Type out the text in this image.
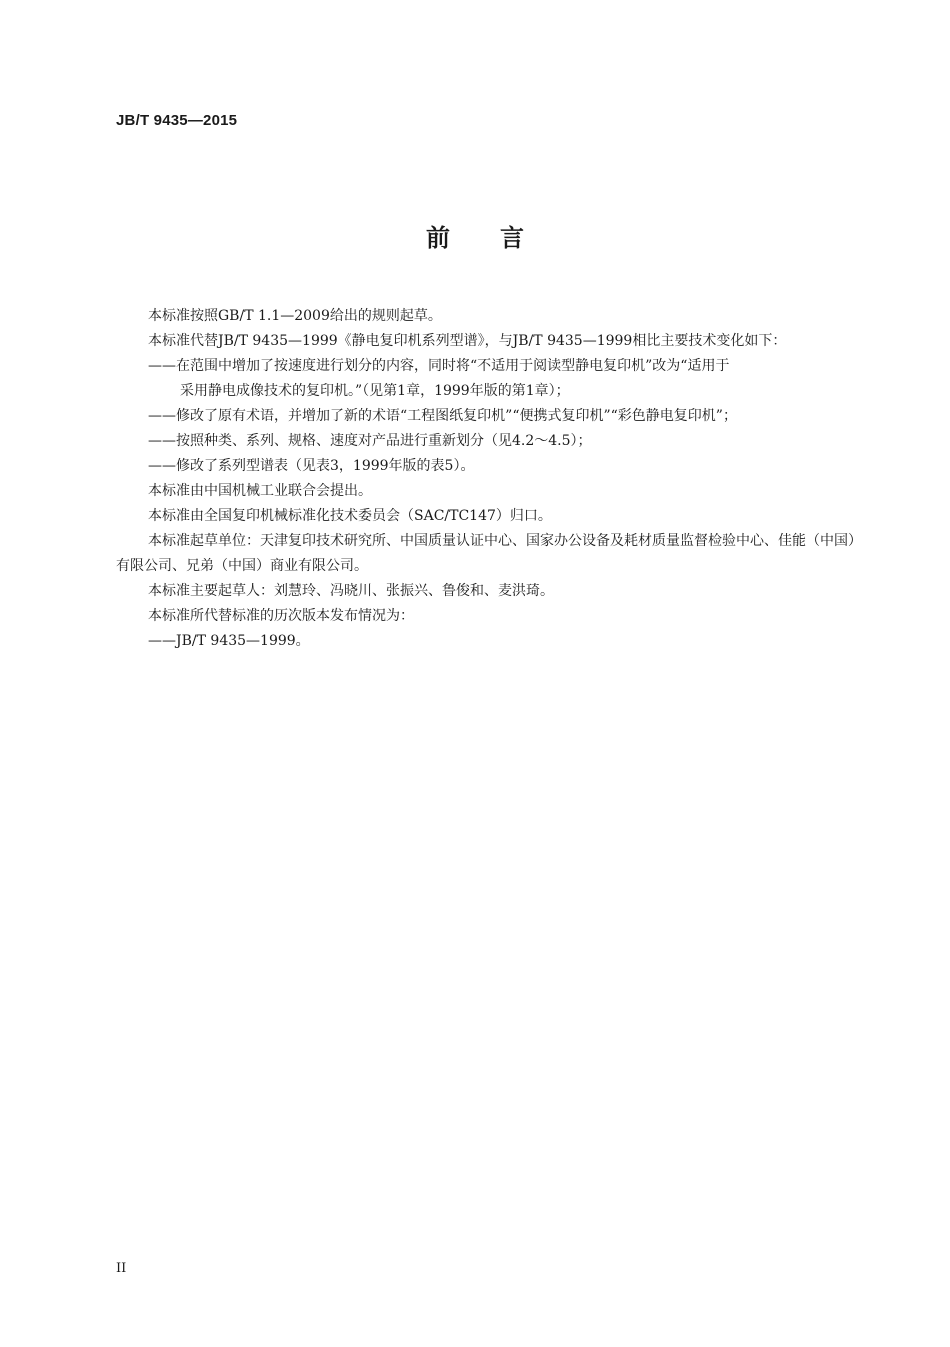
JB/T 9435—2015
前言

本标准按照GB/T 1.1—2009给出的规则起草。

本标准代替JB/T 9435—1999《静电复印机系列型谱》，与JB/T 9435—1999相比主要技术变化如下：

——在范围中增加了按速度进行划分的内容，同时将“不适用于阅读型静电复印机”改为“适用于
采用静电成像技术的复印机。”（见第1章，1999年版的第1章）；

——修改了原有术语，并增加了新的术语“工程图纸复印机”“便携式复印机”“彩色静电复印机”；

——按照种类、系列、规格、速度对产品进行重新划分（见4.2～4.5）；

——修改了系列型谱表（见表3，1999年版的表5）。

本标准由中国机械工业联合会提出。

本标准由全国复印机械标准化技术委员会（SAC/TC147）归口。

本标准起草单位：天津复印技术研究所、中国质量认证中心、国家办公设备及耗材质量监督检验中心、佳能（中国）有限公司、兄弟（中国）商业有限公司。

本标准主要起草人：刘慧玲、冯晓川、张振兴、鲁俊和、麦洪琦。

本标准所代替标准的历次版本发布情况为：

——JB/T 9435—1999。

II
